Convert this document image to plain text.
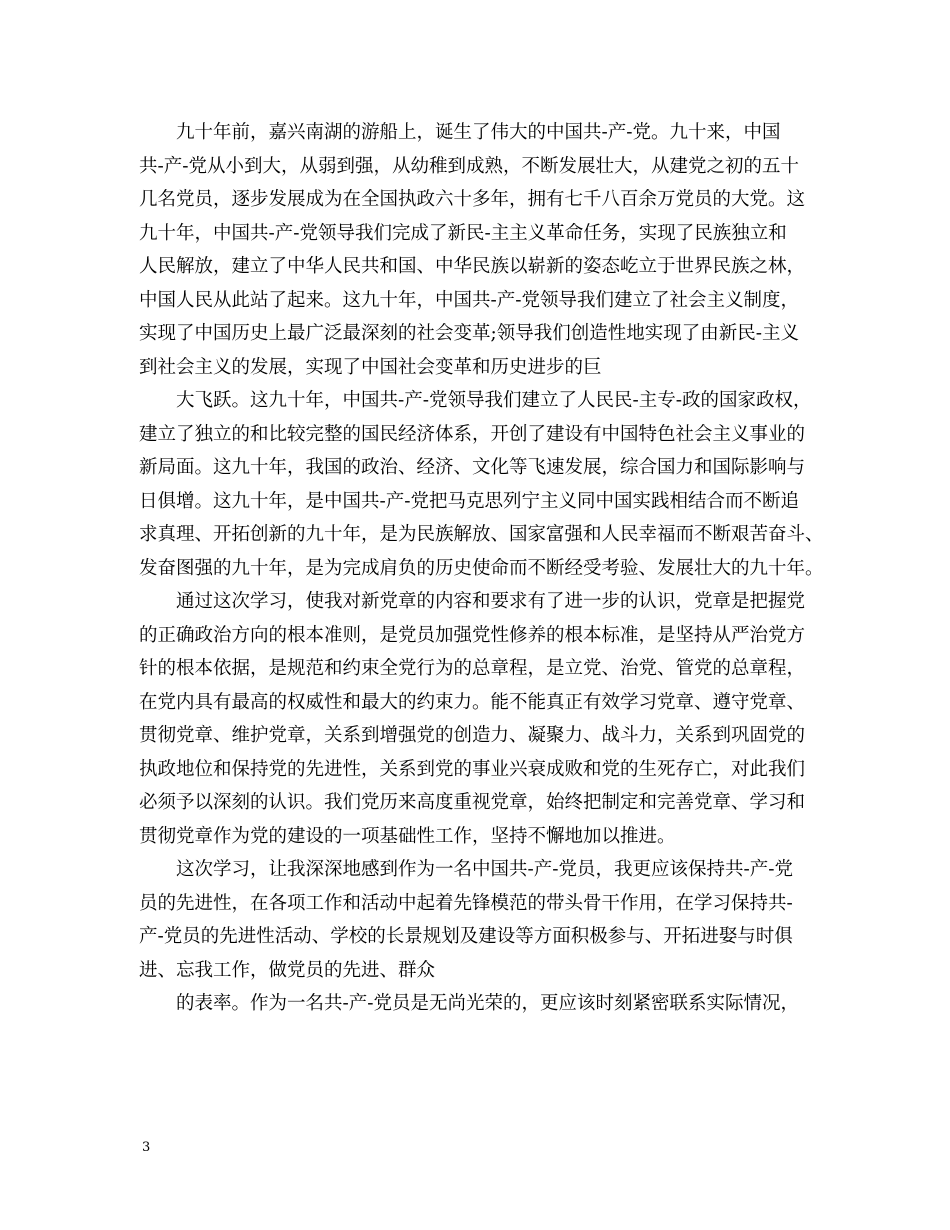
九十年前，嘉兴南湖的游船上，诞生了伟大的中国共-产-党。九十来，中国
共-产-党从小到大，从弱到强，从幼稚到成熟，不断发展壮大，从建党之初的五十
几名党员，逐步发展成为在全国执政六十多年，拥有七千八百余万党员的大党。这
九十年，中国共-产-党领导我们完成了新民-主主义革命任务，实现了民族独立和
人民解放，建立了中华人民共和国、中华民族以崭新的姿态屹立于世界民族之林，
中国人民从此站了起来。这九十年，中国共-产-党领导我们建立了社会主义制度，
实现了中国历史上最广泛最深刻的社会变革;领导我们创造性地实现了由新民-主义
到社会主义的发展，实现了中国社会变革和历史进步的巨
大飞跃。这九十年，中国共-产-党领导我们建立了人民民-主专-政的国家政权，
建立了独立的和比较完整的国民经济体系，开创了建设有中国特色社会主义事业的
新局面。这九十年，我国的政治、经济、文化等飞速发展，综合国力和国际影响与
日俱增。这九十年，是中国共-产-党把马克思列宁主义同中国实践相结合而不断追
求真理、开拓创新的九十年，是为民族解放、国家富强和人民幸福而不断艰苦奋斗、
发奋图强的九十年，是为完成肩负的历史使命而不断经受考验、发展壮大的九十年。
通过这次学习，使我对新党章的内容和要求有了进一步的认识，党章是把握党
的正确政治方向的根本准则，是党员加强党性修养的根本标准，是坚持从严治党方
针的根本依据，是规范和约束全党行为的总章程，是立党、治党、管党的总章程，
在党内具有最高的权威性和最大的约束力。能不能真正有效学习党章、遵守党章、
贯彻党章、维护党章，关系到增强党的创造力、凝聚力、战斗力，关系到巩固党的
执政地位和保持党的先进性，关系到党的事业兴衰成败和党的生死存亡，对此我们
必须予以深刻的认识。我们党历来高度重视党章，始终把制定和完善党章、学习和
贯彻党章作为党的建设的一项基础性工作，坚持不懈地加以推进。
这次学习，让我深深地感到作为一名中国共-产-党员，我更应该保持共-产-党
员的先进性，在各项工作和活动中起着先锋模范的带头骨干作用，在学习保持共-
产-党员的先进性活动、学校的长景规划及建设等方面积极参与、开拓进娶与时俱
进、忘我工作，做党员的先进、群众
的表率。作为一名共-产-党员是无尚光荣的，更应该时刻紧密联系实际情况，
3
